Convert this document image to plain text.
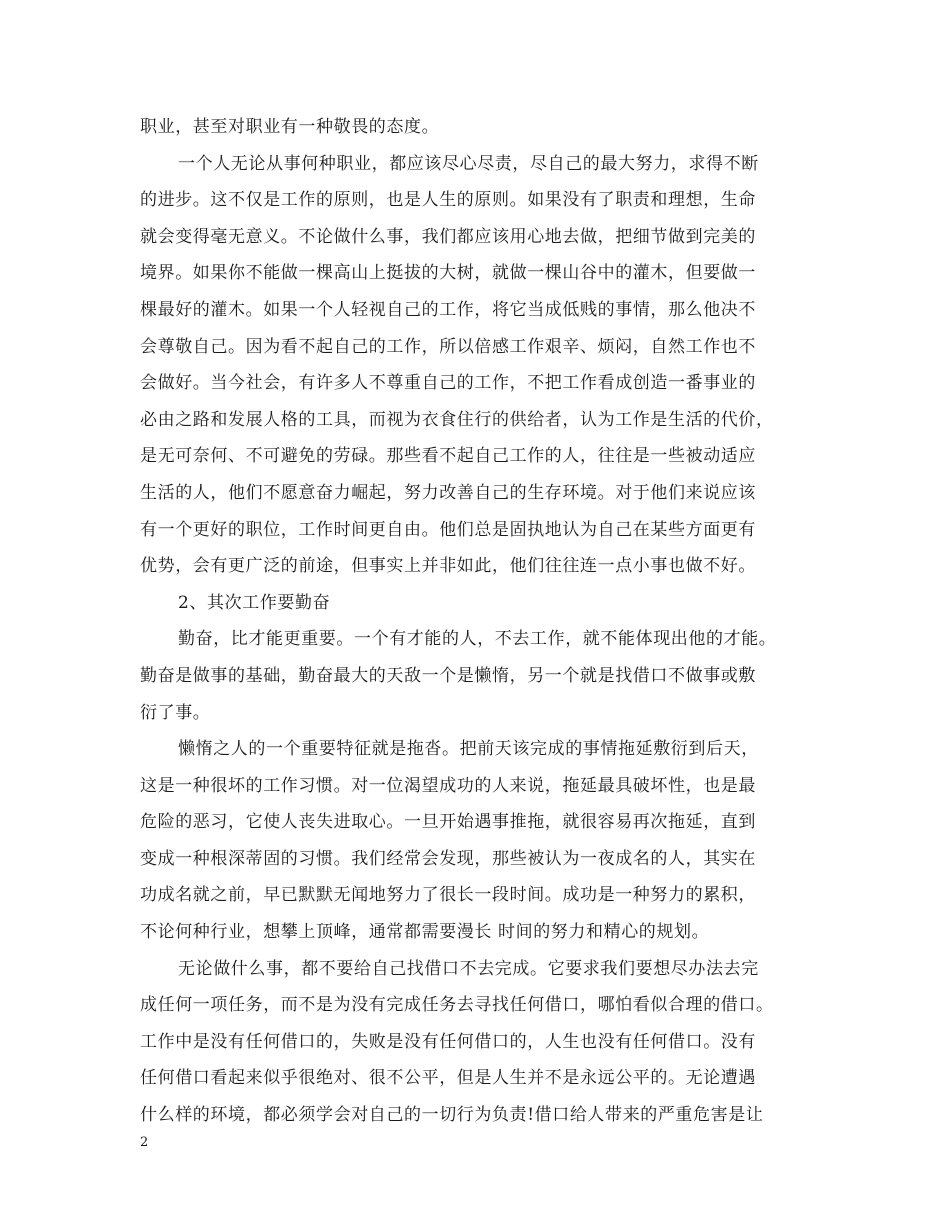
职业，甚至对职业有一种敬畏的态度。
一个人无论从事何种职业，都应该尽心尽责，尽自己的最大努力，求得不断
的进步。这不仅是工作的原则，也是人生的原则。如果没有了职责和理想，生命
就会变得毫无意义。不论做什么事，我们都应该用心地去做，把细节做到完美的
境界。如果你不能做一棵高山上挺拔的大树，就做一棵山谷中的灌木，但要做一
棵最好的灌木。如果一个人轻视自己的工作，将它当成低贱的事情，那么他决不
会尊敬自己。因为看不起自己的工作，所以倍感工作艰辛、烦闷，自然工作也不
会做好。当今社会，有许多人不尊重自己的工作，不把工作看成创造一番事业的
必由之路和发展人格的工具，而视为衣食住行的供给者，认为工作是生活的代价，
是无可奈何、不可避免的劳碌。那些看不起自己工作的人，往往是一些被动适应
生活的人，他们不愿意奋力崛起，努力改善自己的生存环境。对于他们来说应该
有一个更好的职位，工作时间更自由。他们总是固执地认为自己在某些方面更有
优势，会有更广泛的前途，但事实上并非如此，他们往往连一点小事也做不好。
2、其次工作要勤奋
勤奋，比才能更重要。一个有才能的人，不去工作，就不能体现出他的才能。
勤奋是做事的基础，勤奋最大的天敌一个是懒惰，另一个就是找借口不做事或敷
衍了事。
懒惰之人的一个重要特征就是拖沓。把前天该完成的事情拖延敷衍到后天，
这是一种很坏的工作习惯。对一位渴望成功的人来说，拖延最具破坏性，也是最
危险的恶习，它使人丧失进取心。一旦开始遇事推拖，就很容易再次拖延，直到
变成一种根深蒂固的习惯。我们经常会发现，那些被认为一夜成名的人，其实在
功成名就之前，早已默默无闻地努力了很长一段时间。成功是一种努力的累积，
不论何种行业，想攀上顶峰，通常都需要漫长 时间的努力和精心的规划。
无论做什么事，都不要给自己找借口不去完成。它要求我们要想尽办法去完
成任何一项任务，而不是为没有完成任务去寻找任何借口，哪怕看似合理的借口。
工作中是没有任何借口的，失败是没有任何借口的，人生也没有任何借口。没有
任何借口看起来似乎很绝对、很不公平，但是人生并不是永远公平的。无论遭遇
什么样的环境，都必须学会对自己的一切行为负责!借口给人带来的严重危害是让
2
